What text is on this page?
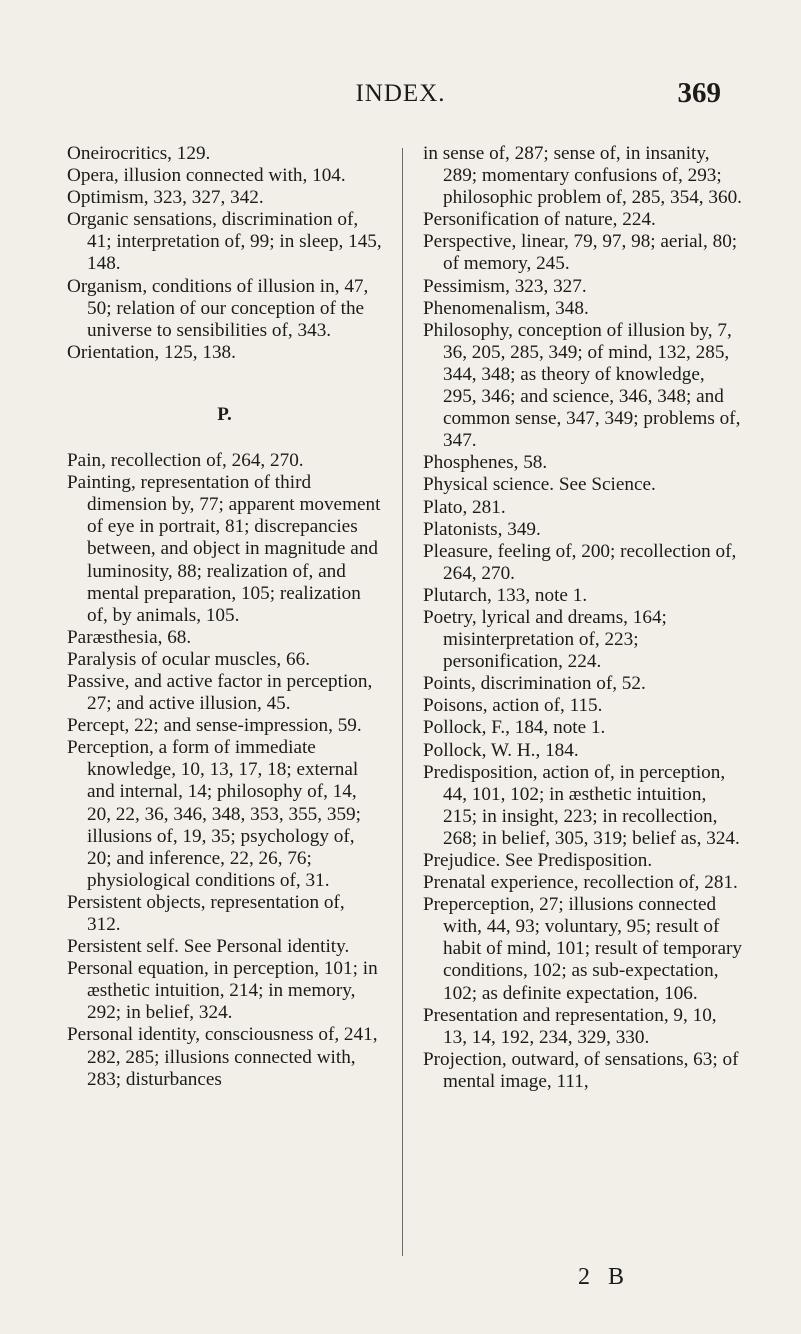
INDEX.	369
Oneirocritics, 129.
Opera, illusion connected with, 104.
Optimism, 323, 327, 342.
Organic sensations, discrimination of, 41; interpretation of, 99; in sleep, 145, 148.
Organism, conditions of illusion in, 47, 50; relation of our conception of the universe to sensibilities of, 343.
Orientation, 125, 138.
P.
Pain, recollection of, 264, 270.
Painting, representation of third dimension by, 77; apparent movement of eye in portrait, 81; discrepancies between, and object in magnitude and luminosity, 88; realization of, and mental preparation, 105; realization of, by animals, 105.
Paræsthesia, 68.
Paralysis of ocular muscles, 66.
Passive, and active factor in perception, 27; and active illusion, 45.
Percept, 22; and sense-impression, 59.
Perception, a form of immediate knowledge, 10, 13, 17, 18; external and internal, 14; philosophy of, 14, 20, 22, 36, 346, 348, 353, 355, 359; illusions of, 19, 35; psychology of, 20; and inference, 22, 26, 76; physiological conditions of, 31.
Persistent objects, representation of, 312.
Persistent self. See Personal identity.
Personal equation, in perception, 101; in æsthetic intuition, 214; in memory, 292; in belief, 324.
Personal identity, consciousness of, 241, 282, 285; illusions connected with, 283; disturbances
in sense of, 287; sense of, in insanity, 289; momentary confusions of, 293; philosophic problem of, 285, 354, 360.
Personification of nature, 224.
Perspective, linear, 79, 97, 98; aerial, 80; of memory, 245.
Pessimism, 323, 327.
Phenomenalism, 348.
Philosophy, conception of illusion by, 7, 36, 205, 285, 349; of mind, 132, 285, 344, 348; as theory of knowledge, 295, 346; and science, 346, 348; and common sense, 347, 349; problems of, 347.
Phosphenes, 58.
Physical science. See Science.
Plato, 281.
Platonists, 349.
Pleasure, feeling of, 200; recollection of, 264, 270.
Plutarch, 133, note 1.
Poetry, lyrical and dreams, 164; misinterpretation of, 223; personification, 224.
Points, discrimination of, 52.
Poisons, action of, 115.
Pollock, F., 184, note 1.
Pollock, W. H., 184.
Predisposition, action of, in perception, 44, 101, 102; in æsthetic intuition, 215; in insight, 223; in recollection, 268; in belief, 305, 319; belief as, 324.
Prejudice. See Predisposition.
Prenatal experience, recollection of, 281.
Preperception, 27; illusions connected with, 44, 93; voluntary, 95; result of habit of mind, 101; result of temporary conditions, 102; as sub-expectation, 102; as definite expectation, 106.
Presentation and representation, 9, 10, 13, 14, 192, 234, 329, 330.
Projection, outward, of sensations, 63; of mental image, 111,
2 B
